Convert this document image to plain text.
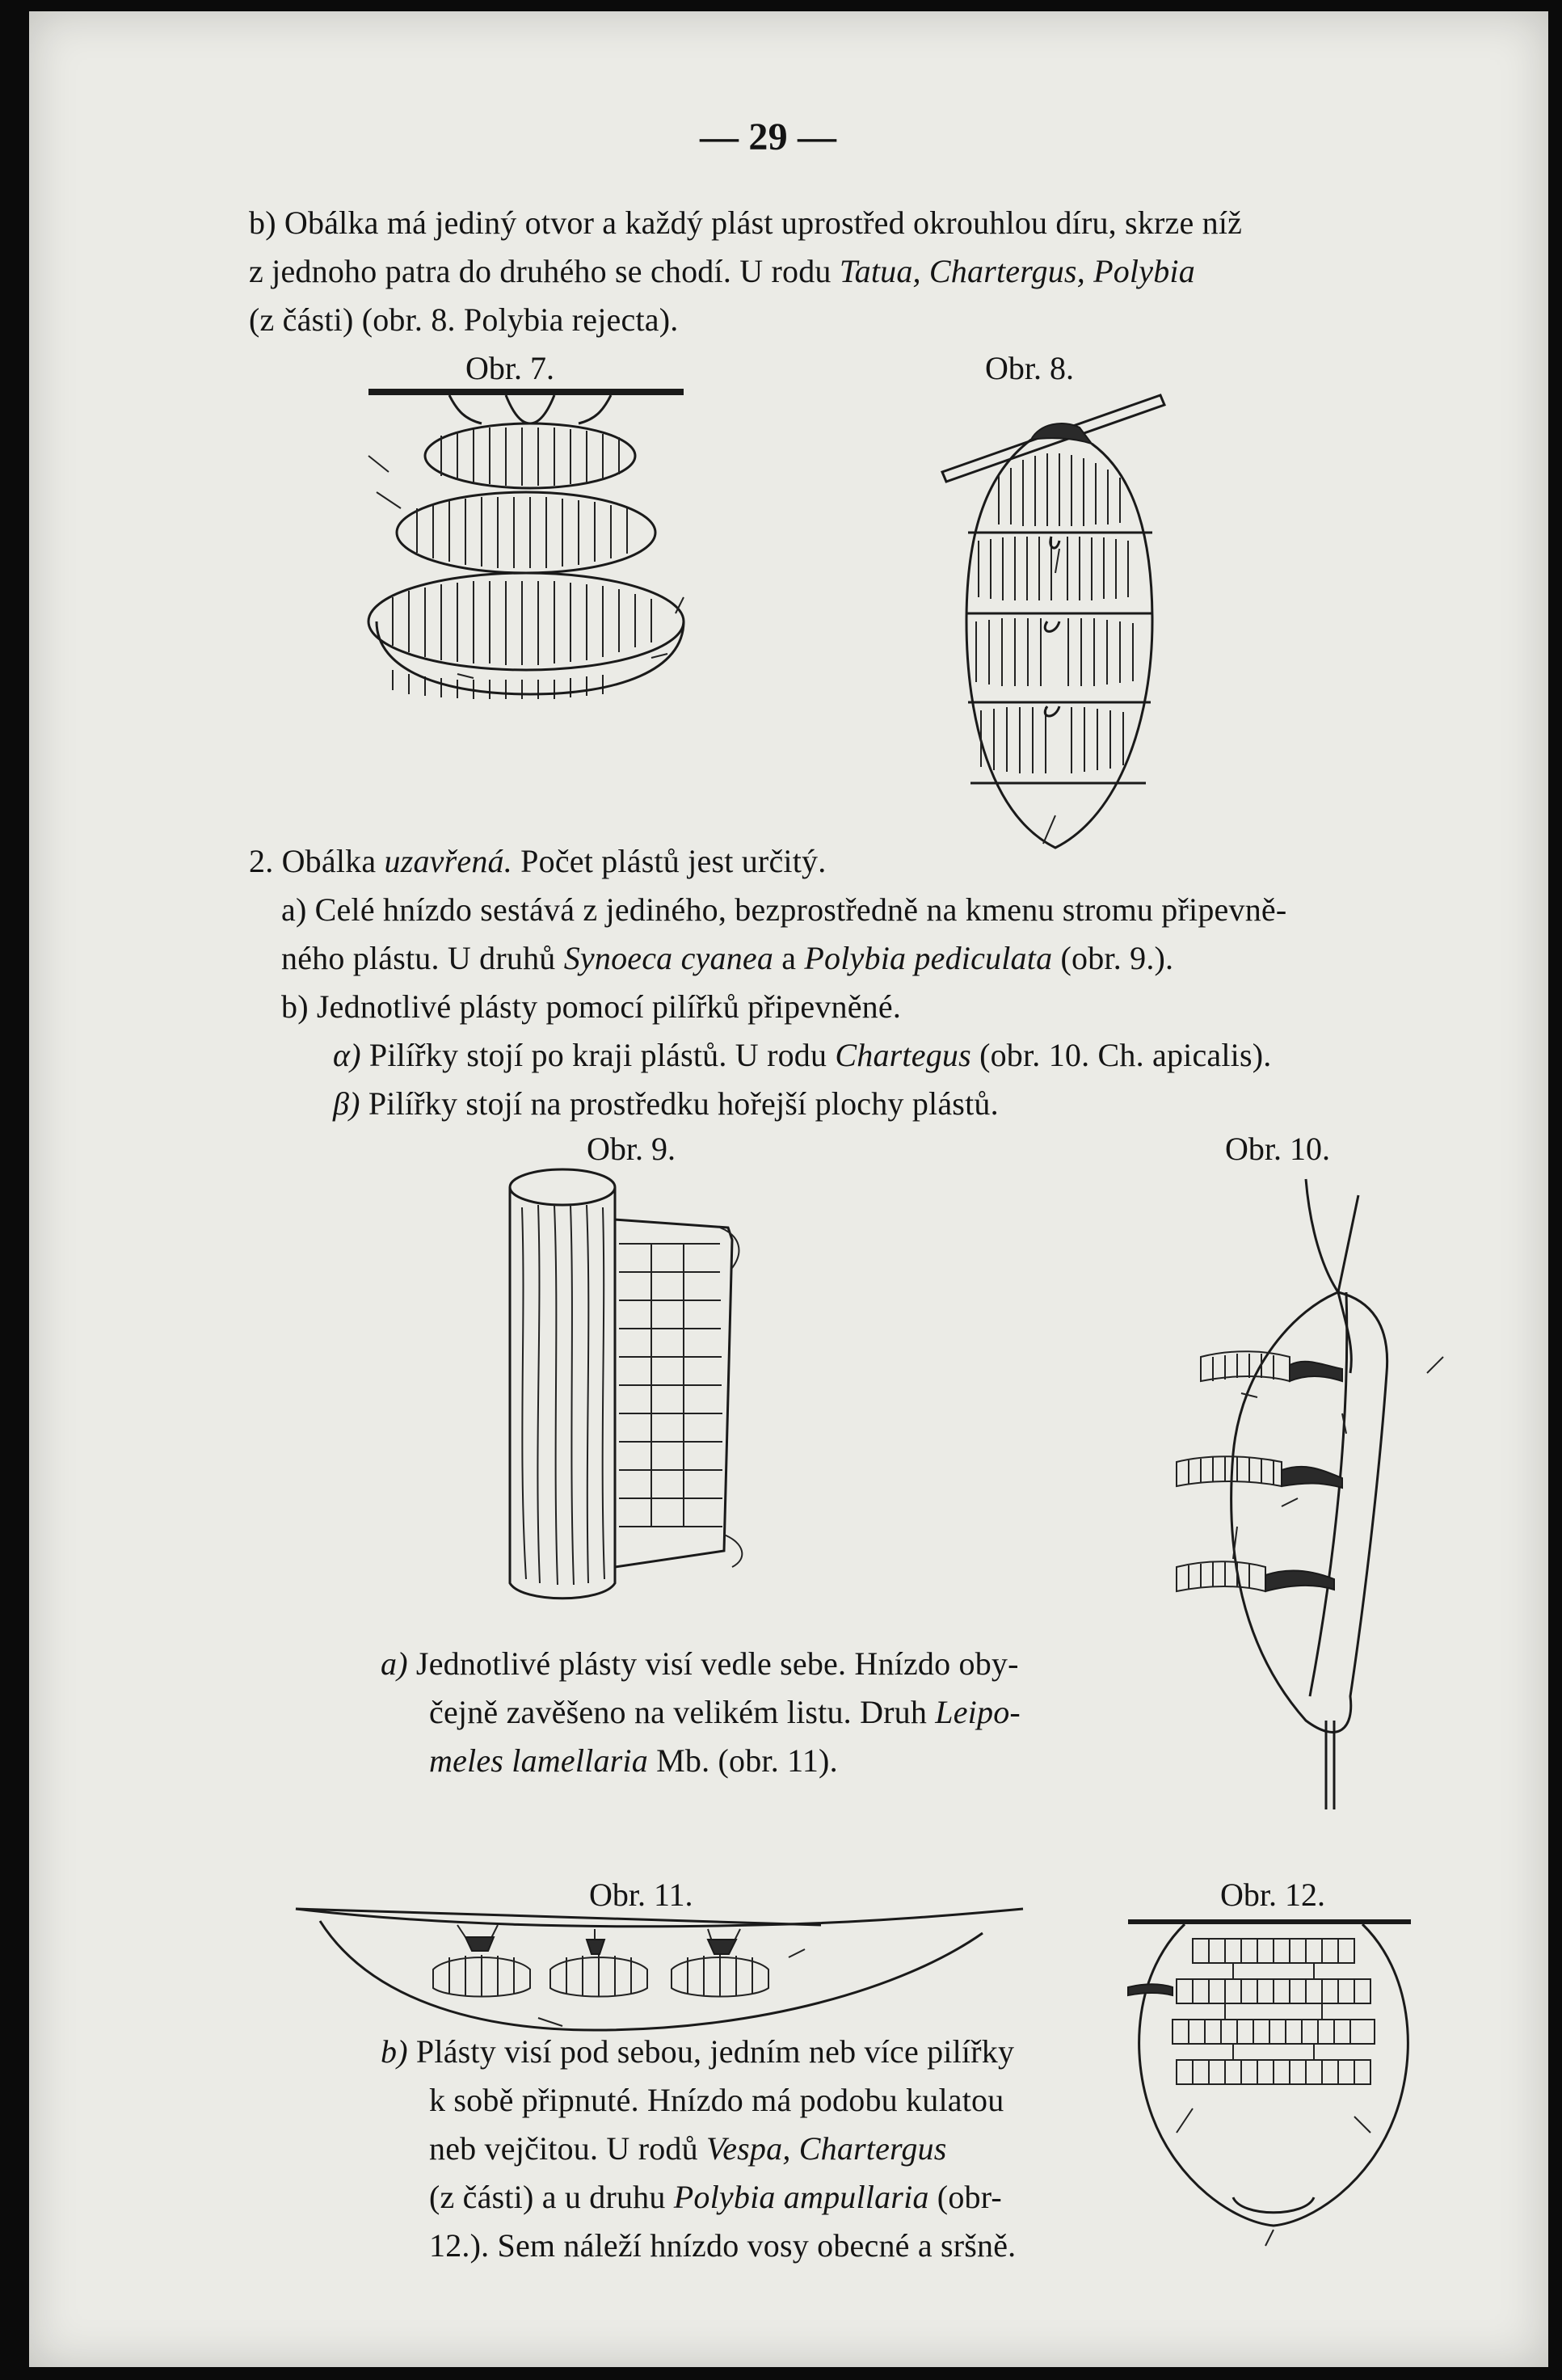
— 29 —
b) Obálka má jediný otvor a každý plást uprostřed okrouhlou díru, skrze níž
z jednoho patra do druhého se chodí. U rodu Tatua, Chartergus, Polybia
(z části) (obr. 8. Polybia rejecta).
Obr. 7.	Obr. 8.
2. Obálka uzavřená. Počet plástů jest určitý.
a) Celé hnízdo sestává z jediného, bezprostředně na kmenu stromu připevně-
ného plástu. U druhů Synoeca cyanea a Polybia pediculata (obr. 9.).
b) Jednotlivé plásty pomocí pilířků připevněné.
α) Pilířky stojí po kraji plástů. U rodu Chartegus (obr. 10. Ch. apicalis).
β) Pilířky stojí na prostředku hořejší plochy plástů.
Obr. 9.	Obr. 10.
a) Jednotlivé plásty visí vedle sebe. Hnízdo oby-
čejně zavěšeno na velikém listu. Druh Leipo-
meles lamellaria Mb. (obr. 11).
Obr. 11.	Obr. 12.
b) Plásty visí pod sebou, jedním neb více pilířky
k sobě připnuté. Hnízdo má podobu kulatou
neb vejčitou. U rodů Vespa, Chartergus
(z části) a u druhu Polybia ampullaria (obr-
12.). Sem náleží hnízdo vosy obecné a sršně.
